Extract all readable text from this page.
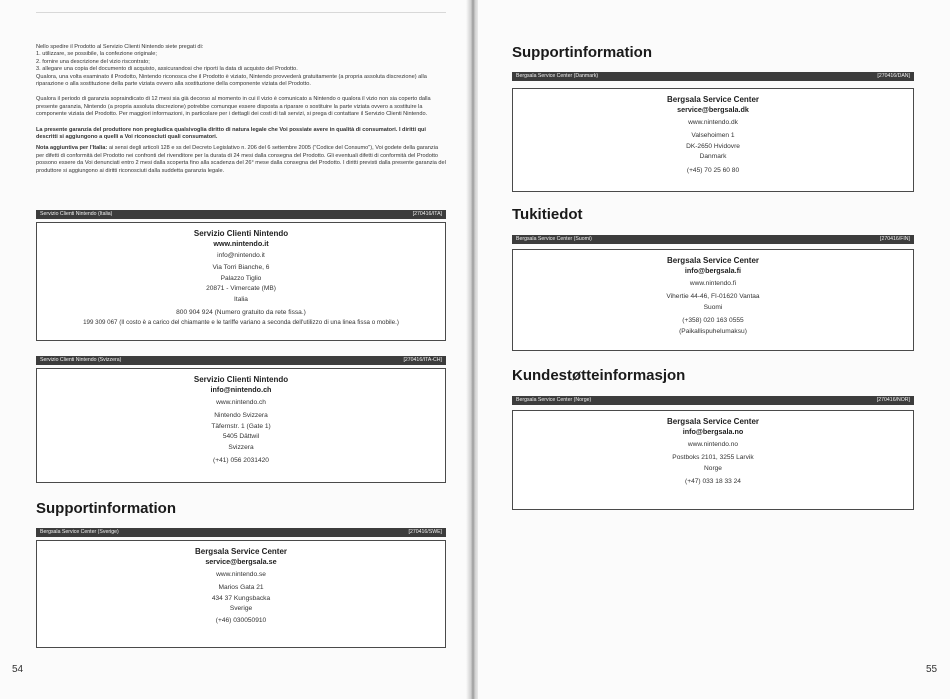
Nello spedire il Prodotto al Servizio Clienti Nintendo siete pregati di:
1. utilizzare, se possibile, la confezione originale;
2. fornire una descrizione del vizio riscontrato;
3. allegare una copia del documento di acquisto, assicurandosi che riporti la data di acquisto del Prodotto.
Qualora, una volta esaminato il Prodotto, Nintendo riconosca che il Prodotto è viziato, Nintendo provvederà gratuitamente (a propria assoluta discrezione) alla riparazione o alla sostituzione della parte viziata ovvero alla sostituzione della componente viziata del Prodotto.

Qualora il periodo di garanzia sopraindicato di 12 mesi sia già decorso al momento in cui il vizio è comunicato a Nintendo o qualora il vizio non sia coperto dalla presente garanzia, Nintendo (a propria assoluta discrezione) potrebbe comunque essere disposta a riparare o sostituire la parte viziata ovvero a sostituire la componente viziata del Prodotto. Per maggiori informazioni, in particolare per i dettagli dei costi di tali servizi, si prega di contattare il Servizio Clienti Nintendo.

La presente garanzia del produttore non pregiudica qualsivoglia diritto di natura legale che Voi possiate avere in qualità di consumatori. I diritti qui descritti si aggiungono a quelli a Voi riconosciuti quali consumatori.

Nota aggiuntiva per l'Italia: ai sensi degli articoli 128 e ss del Decreto Legislativo n. 206 del 6 settembre 2005 ("Codice del Consumo"), Voi godete della garanzia per difetti di conformità del Prodotto nei confronti del rivenditore per la durata di 24 mesi dalla consegna del Prodotto. Gli eventuali difetti di conformità del Prodotto possono essere da Voi denunciati entro 2 mesi dalla scoperta fino alla scadenza del 26° mese dalla consegna del Prodotto. I diritti previsti dalla presente garanzia del produttore si aggiungono ai diritti riconosciuti dalla suddetta garanzia legale.

Servizio Clienti Nintendo (Italia)	[270416/ITA]
Servizio Clienti Nintendo
www.nintendo.it
info@nintendo.it
Via Torri Bianche, 6
Palazzo Tiglio
20871 - Vimercate (MB)
Italia
800 904 924 (Numero gratuito da rete fissa.)
199 309 067 (Il costo è a carico del chiamante e le tariffe variano a seconda dell'utilizzo di una linea fissa o mobile.)
Servizio Clienti Nintendo (Svizzera)	[270416/ITA-CH]
Servizio Clienti Nintendo
info@nintendo.ch
www.nintendo.ch
Nintendo Svizzera
Täfernstr. 1 (Gate 1)
5405 Dättwil
Svizzera
(+41) 056 2031420
Supportinformation
Bergsala Service Center (Sverige)	[270416/SWE]
Bergsala Service Center
service@bergsala.se
www.nintendo.se
Marios Gata 21
434 37 Kungsbacka
Sverige
(+46) 030050910
54
Supportinformation
Bergsala Service Center (Danmark)	[270416/DAN]
Bergsala Service Center
service@bergsala.dk
www.nintendo.dk
Valsehoimen 1
DK-2650 Hvidovre
Danmark
(+45) 70 25 60 80
Tukitiedot
Bergsala Service Center (Suomi)	[270416/FIN]
Bergsala Service Center
info@bergsala.fi
www.nintendo.fi
Vihertie 44-46, FI-01620 Vantaa
Suomi
(+358) 020 163 0555
(Paikallispuhelumaksu)
Kundestøtteinformasjon
Bergsala Service Center (Norge)	[270416/NOR]
Bergsala Service Center
info@bergsala.no
www.nintendo.no
Postboks 2101, 3255 Larvik
Norge
(+47) 033 18 33 24
55
